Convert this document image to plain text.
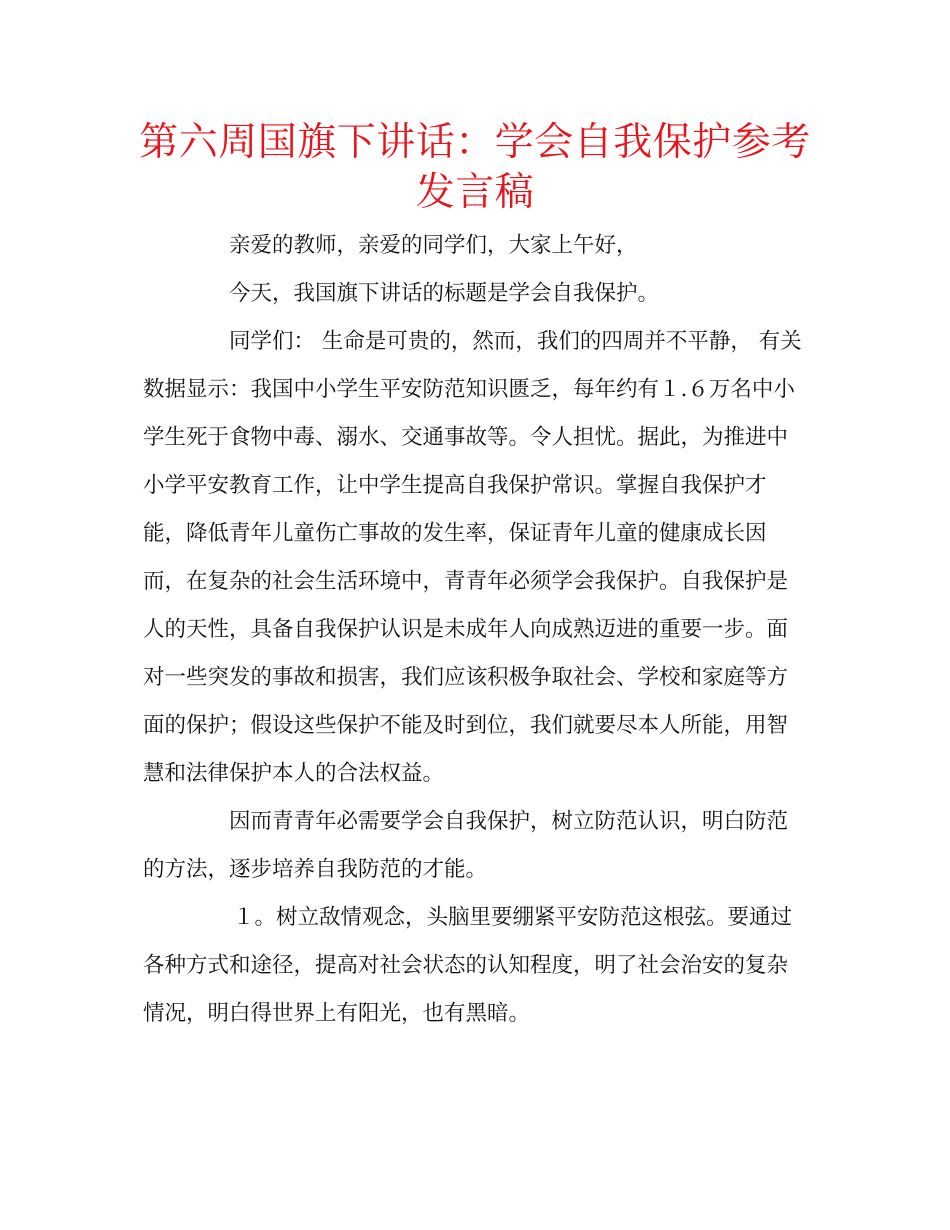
第六周国旗下讲话：学会自我保护参考发言稿

亲爱的教师，亲爱的同学们，大家上午好，

今天，我国旗下讲话的标题是学会自我保护。

同学们： 生命是可贵的，然而，我们的四周并不平静， 有关数据显示：我国中小学生平安防范知识匮乏，每年约有１.６万名中小学生死于食物中毒、溺水、交通事故等。令人担忧。据此，为推进中小学平安教育工作，让中学生提高自我保护常识。掌握自我保护才能，降低青年儿童伤亡事故的发生率，保证青年儿童的健康成长因而，在复杂的社会生活环境中，青青年必须学会我保护。自我保护是人的天性，具备自我保护认识是未成年人向成熟迈进的重要一步。面对一些突发的事故和损害，我们应该积极争取社会、学校和家庭等方面的保护；假设这些保护不能及时到位，我们就要尽本人所能，用智慧和法律保护本人的合法权益。

因而青青年必需要学会自我保护，树立防范认识，明白防范的方法，逐步培养自我防范的才能。

１。树立敌情观念，头脑里要绷紧平安防范这根弦。要通过各种方式和途径，提高对社会状态的认知程度，明了社会治安的复杂情况，明白得世界上有阳光，也有黑暗。
